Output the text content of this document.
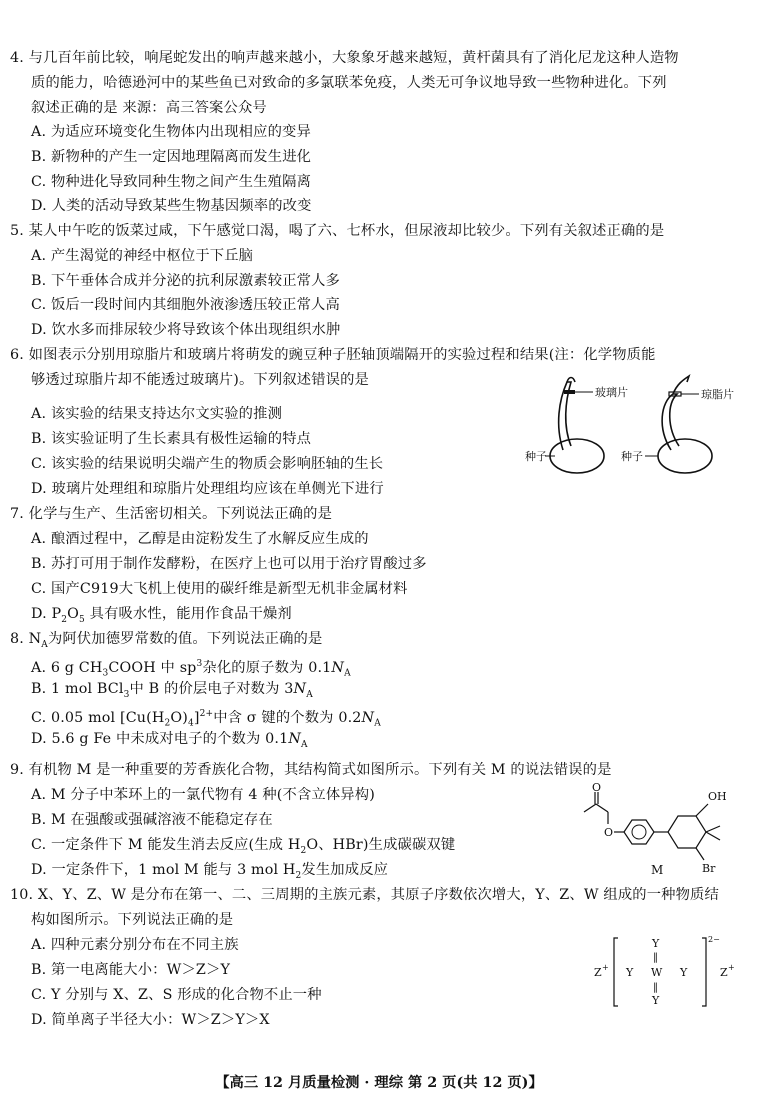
4. 与几百年前比较，响尾蛇发出的响声越来越小，大象象牙越来越短，黄杆菌具有了消化尼龙这种人造物
质的能力，哈德逊河中的某些鱼已对致命的多氯联苯免疫，人类无可争议地导致一些物种进化。下列
叙述正确的是 来源：高三答案公众号
A. 为适应环境变化生物体内出现相应的变异
B. 新物种的产生一定因地理隔离而发生进化
C. 物种进化导致同种生物之间产生生殖隔离
D. 人类的活动导致某些生物基因频率的改变
5. 某人中午吃的饭菜过咸，下午感觉口渴，喝了六、七杯水，但尿液却比较少。下列有关叙述正确的是
A. 产生渴觉的神经中枢位于下丘脑
B. 下午垂体合成并分泌的抗利尿激素较正常人多
C. 饭后一段时间内其细胞外液渗透压较正常人高
D. 饮水多而排尿较少将导致该个体出现组织水肿
6. 如图表示分别用琼脂片和玻璃片将萌发的豌豆种子胚轴顶端隔开的实验过程和结果(注：化学物质能
够透过琼脂片却不能透过玻璃片)。下列叙述错误的是
A. 该实验的结果支持达尔文实验的推测
B. 该实验证明了生长素具有极性运输的特点
C. 该实验的结果说明尖端产生的物质会影响胚轴的生长
D. 玻璃片处理组和琼脂片处理组均应该在单侧光下进行
玻璃片
种子
琼脂片
种子
7. 化学与生产、生活密切相关。下列说法正确的是
A. 酿酒过程中，乙醇是由淀粉发生了水解反应生成的
B. 苏打可用于制作发酵粉，在医疗上也可以用于治疗胃酸过多
C. 国产C919大飞机上使用的碳纤维是新型无机非金属材料
D. $P_2O_5$ 具有吸水性，能用作食品干燥剂
8. $N_A$为阿伏加德罗常数的值。下列说法正确的是
A. 6 g $CH_3COOH$ 中 $sp^3$杂化的原子数为 $0.1N_A$
B. 1 mol BCl$_3$中 B 的价层电子对数为 $3N_A$
C. 0.05 mol $[Cu(H_2O)_4]^{2+}$中含 σ 键的个数为 $0.2N_A$
D. 5.6 g Fe 中未成对电子的个数为 $0.1N_A$
9. 有机物 M 是一种重要的芳香族化合物，其结构简式如图所示。下列有关 M 的说法错误的是
A. M 分子中苯环上的一氯代物有 4 种(不含立体异构)
B. M 在强酸或强碱溶液不能稳定存在
C. 一定条件下 M 能发生消去反应(生成 $H_2O$、HBr)生成碳碳双键
D. 一定条件下，1 mol M 能与 3 mol $H_2$发生加成反应
O
O
OH
Br
M
10. X、Y、Z、W 是分布在第一、二、三周期的主族元素，其原子序数依次增大，Y、Z、W 组成的一种物质结
构如图所示。下列说法正确的是
A. 四种元素分别分布在不同主族
B. 第一电离能大小：W＞Z＞Y
C. Y 分别与 X、Z、S 形成的化合物不止一种
D. 简单离子半径大小：W＞Z＞Y＞X
Z +
Y
‖
Y W Y
‖
Y
2−
Z +
【高三 12 月质量检测 · 理综 第 2 页(共 12 页)】
